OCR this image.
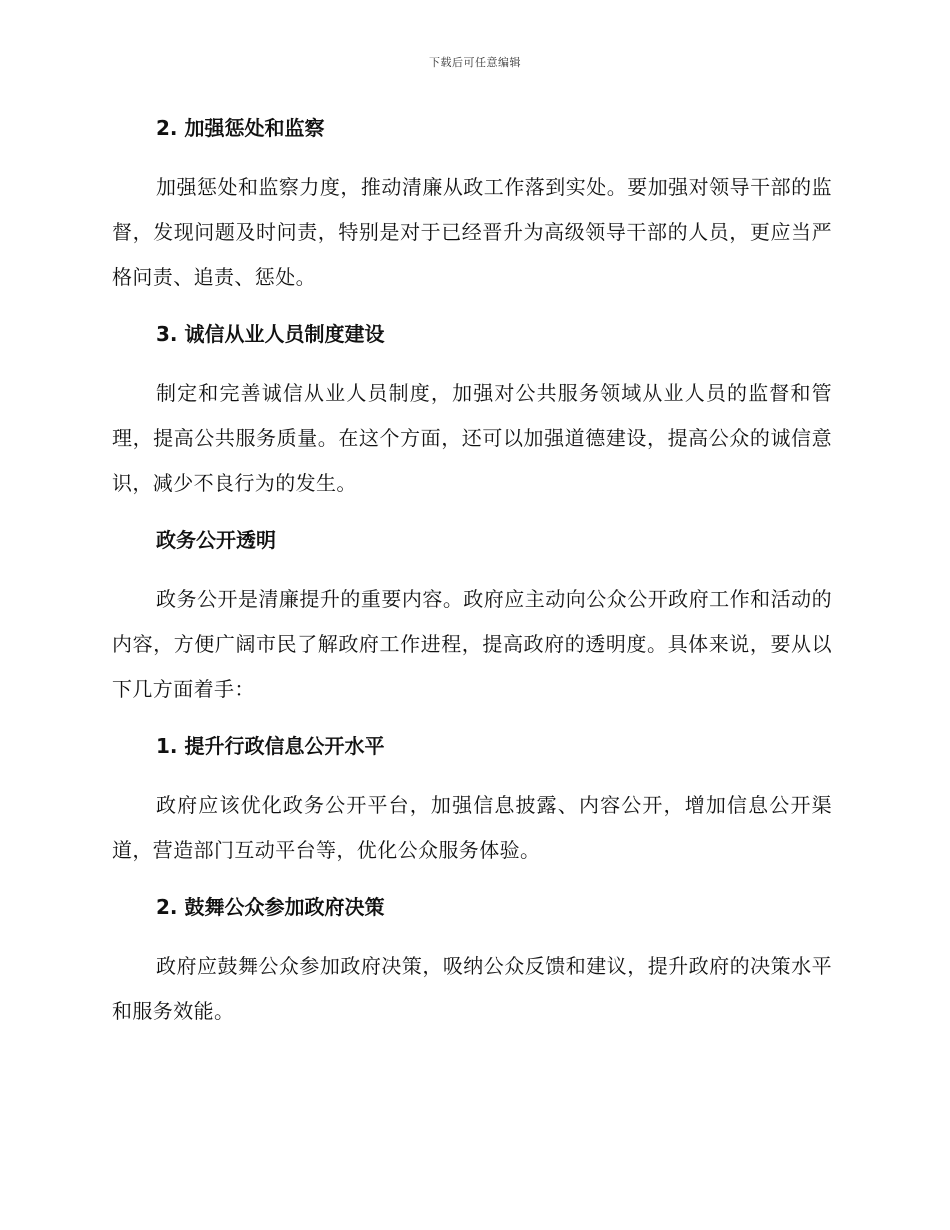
下载后可任意编辑
2. 加强惩处和监察

加强惩处和监察力度，推动清廉从政工作落到实处。要加强对领导干部的监督，发现问题及时问责，特别是对于已经晋升为高级领导干部的人员，更应当严格问责、追责、惩处。

3. 诚信从业人员制度建设

制定和完善诚信从业人员制度，加强对公共服务领域从业人员的监督和管理，提高公共服务质量。在这个方面，还可以加强道德建设，提高公众的诚信意识，减少不良行为的发生。

政务公开透明

政务公开是清廉提升的重要内容。政府应主动向公众公开政府工作和活动的内容，方便广阔市民了解政府工作进程，提高政府的透明度。具体来说，要从以下几方面着手：

1. 提升行政信息公开水平

政府应该优化政务公开平台，加强信息披露、内容公开，增加信息公开渠道，营造部门互动平台等，优化公众服务体验。

2. 鼓舞公众参加政府决策

政府应鼓舞公众参加政府决策，吸纳公众反馈和建议，提升政府的决策水平和服务效能。
